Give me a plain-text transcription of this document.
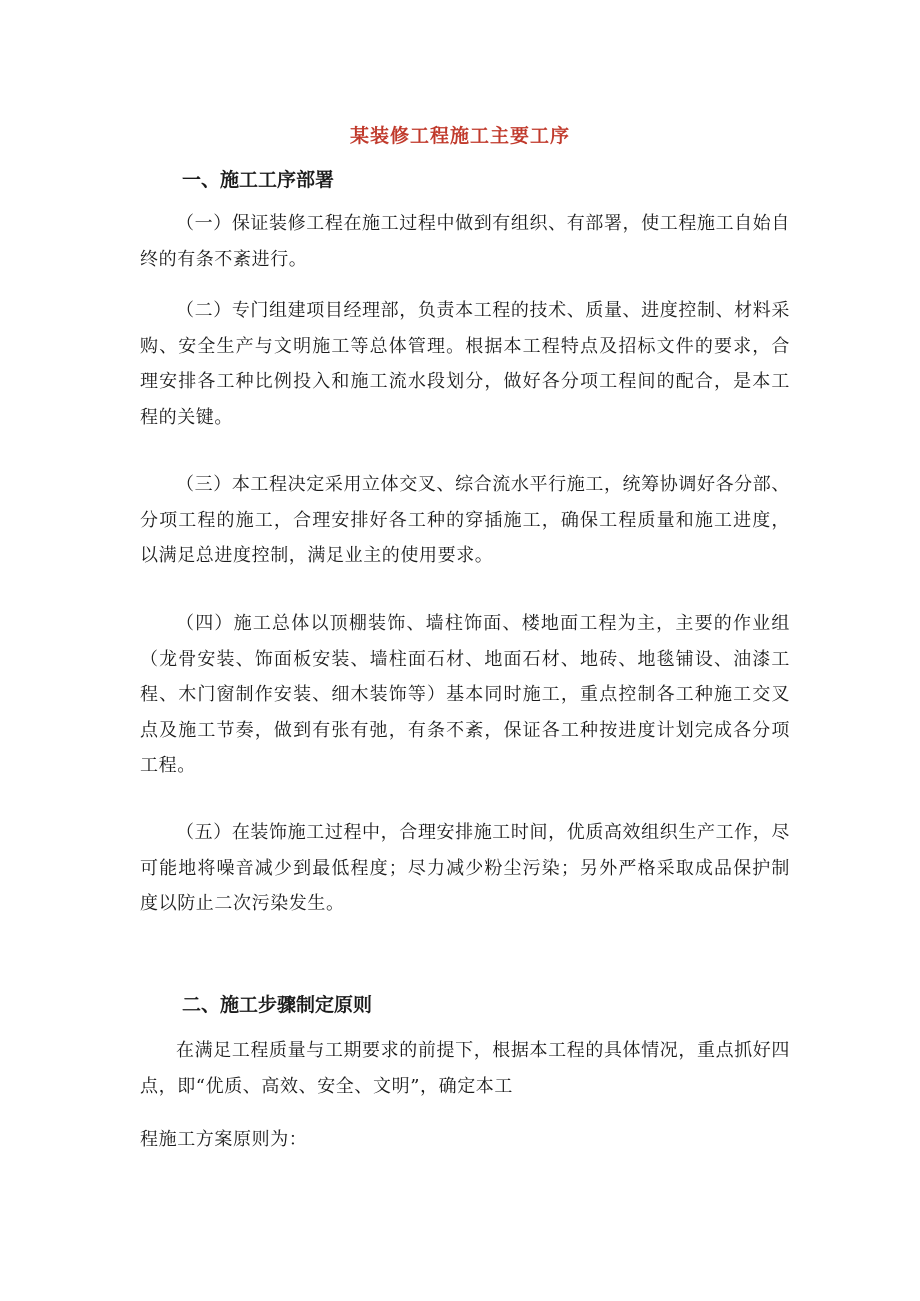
某装修工程施工主要工序
一、施工工序部署

（一）保证装修工程在施工过程中做到有组织、有部署，使工程施工自始自终的有条不紊进行。

（二）专门组建项目经理部，负责本工程的技术、质量、进度控制、材料采购、安全生产与文明施工等总体管理。根据本工程特点及招标文件的要求，合理安排各工种比例投入和施工流水段划分，做好各分项工程间的配合，是本工程的关键。

（三）本工程决定采用立体交叉、综合流水平行施工，统筹协调好各分部、分项工程的施工，合理安排好各工种的穿插施工，确保工程质量和施工进度，以满足总进度控制，满足业主的使用要求。

（四）施工总体以顶棚装饰、墙柱饰面、楼地面工程为主，主要的作业组（龙骨安装、饰面板安装、墙柱面石材、地面石材、地砖、地毯铺设、油漆工程、木门窗制作安装、细木装饰等）基本同时施工，重点控制各工种施工交叉点及施工节奏，做到有张有弛，有条不紊，保证各工种按进度计划完成各分项工程。

（五）在装饰施工过程中，合理安排施工时间，优质高效组织生产工作，尽可能地将噪音减少到最低程度；尽力减少粉尘污染；另外严格采取成品保护制度以防止二次污染发生。

二、施工步骤制定原则

在满足工程质量与工期要求的前提下，根据本工程的具体情况，重点抓好四点，即“优质、高效、安全、文明”，确定本工

程施工方案原则为：
